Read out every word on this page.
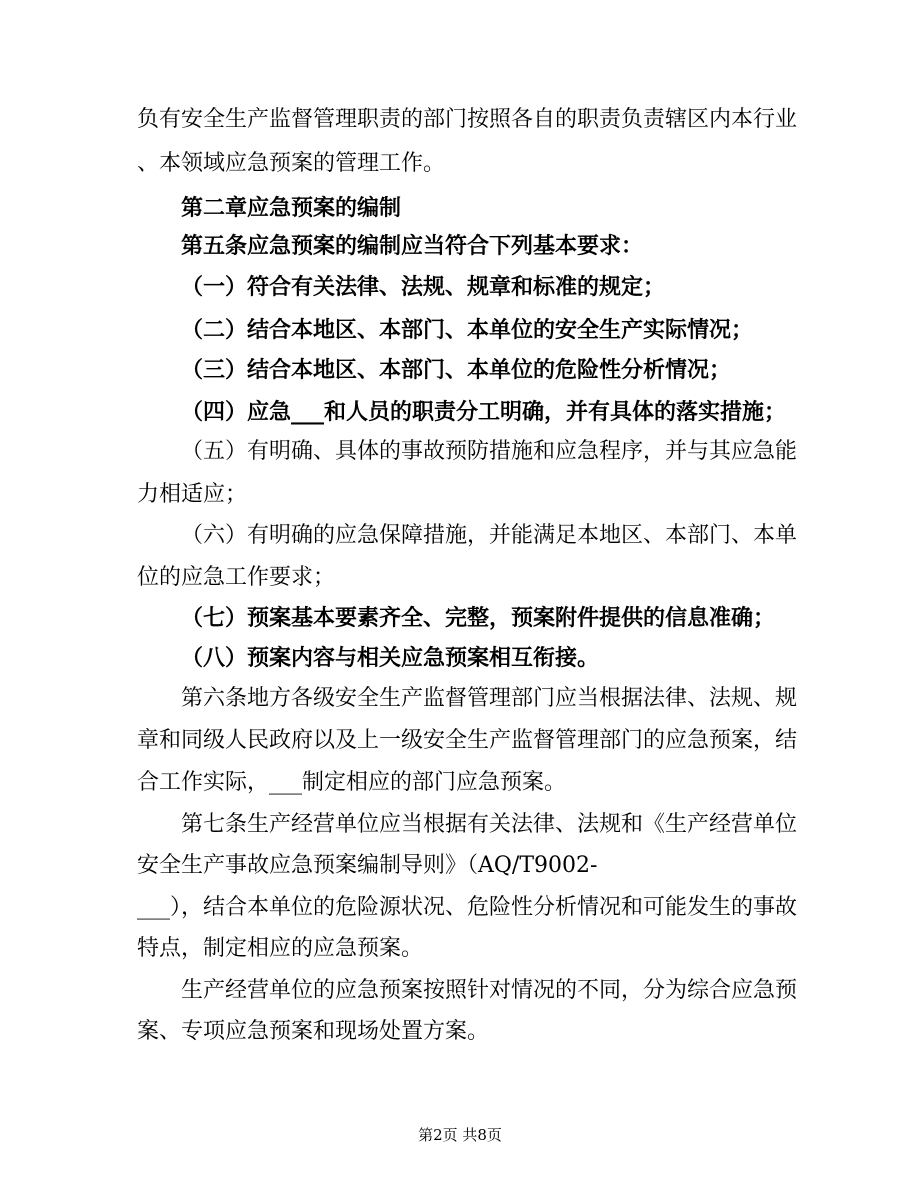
负有安全生产监督管理职责的部门按照各自的职责负责辖区内本行业
、本领域应急预案的管理工作。
第二章应急预案的编制
第五条应急预案的编制应当符合下列基本要求：
（一）符合有关法律、法规、规章和标准的规定；
（二）结合本地区、本部门、本单位的安全生产实际情况；
（三）结合本地区、本部门、本单位的危险性分析情况；
（四）应急___和人员的职责分工明确，并有具体的落实措施；
（五）有明确、具体的事故预防措施和应急程序，并与其应急能
力相适应；
（六）有明确的应急保障措施，并能满足本地区、本部门、本单
位的应急工作要求；
（七）预案基本要素齐全、完整，预案附件提供的信息准确；
（八）预案内容与相关应急预案相互衔接。
第六条地方各级安全生产监督管理部门应当根据法律、法规、规
章和同级人民政府以及上一级安全生产监督管理部门的应急预案，结
合工作实际，___制定相应的部门应急预案。
第七条生产经营单位应当根据有关法律、法规和《生产经营单位
安全生产事故应急预案编制导则》（AQ/T9002-
___），结合本单位的危险源状况、危险性分析情况和可能发生的事故
特点，制定相应的应急预案。
生产经营单位的应急预案按照针对情况的不同，分为综合应急预
案、专项应急预案和现场处置方案。
第2页 共8页
